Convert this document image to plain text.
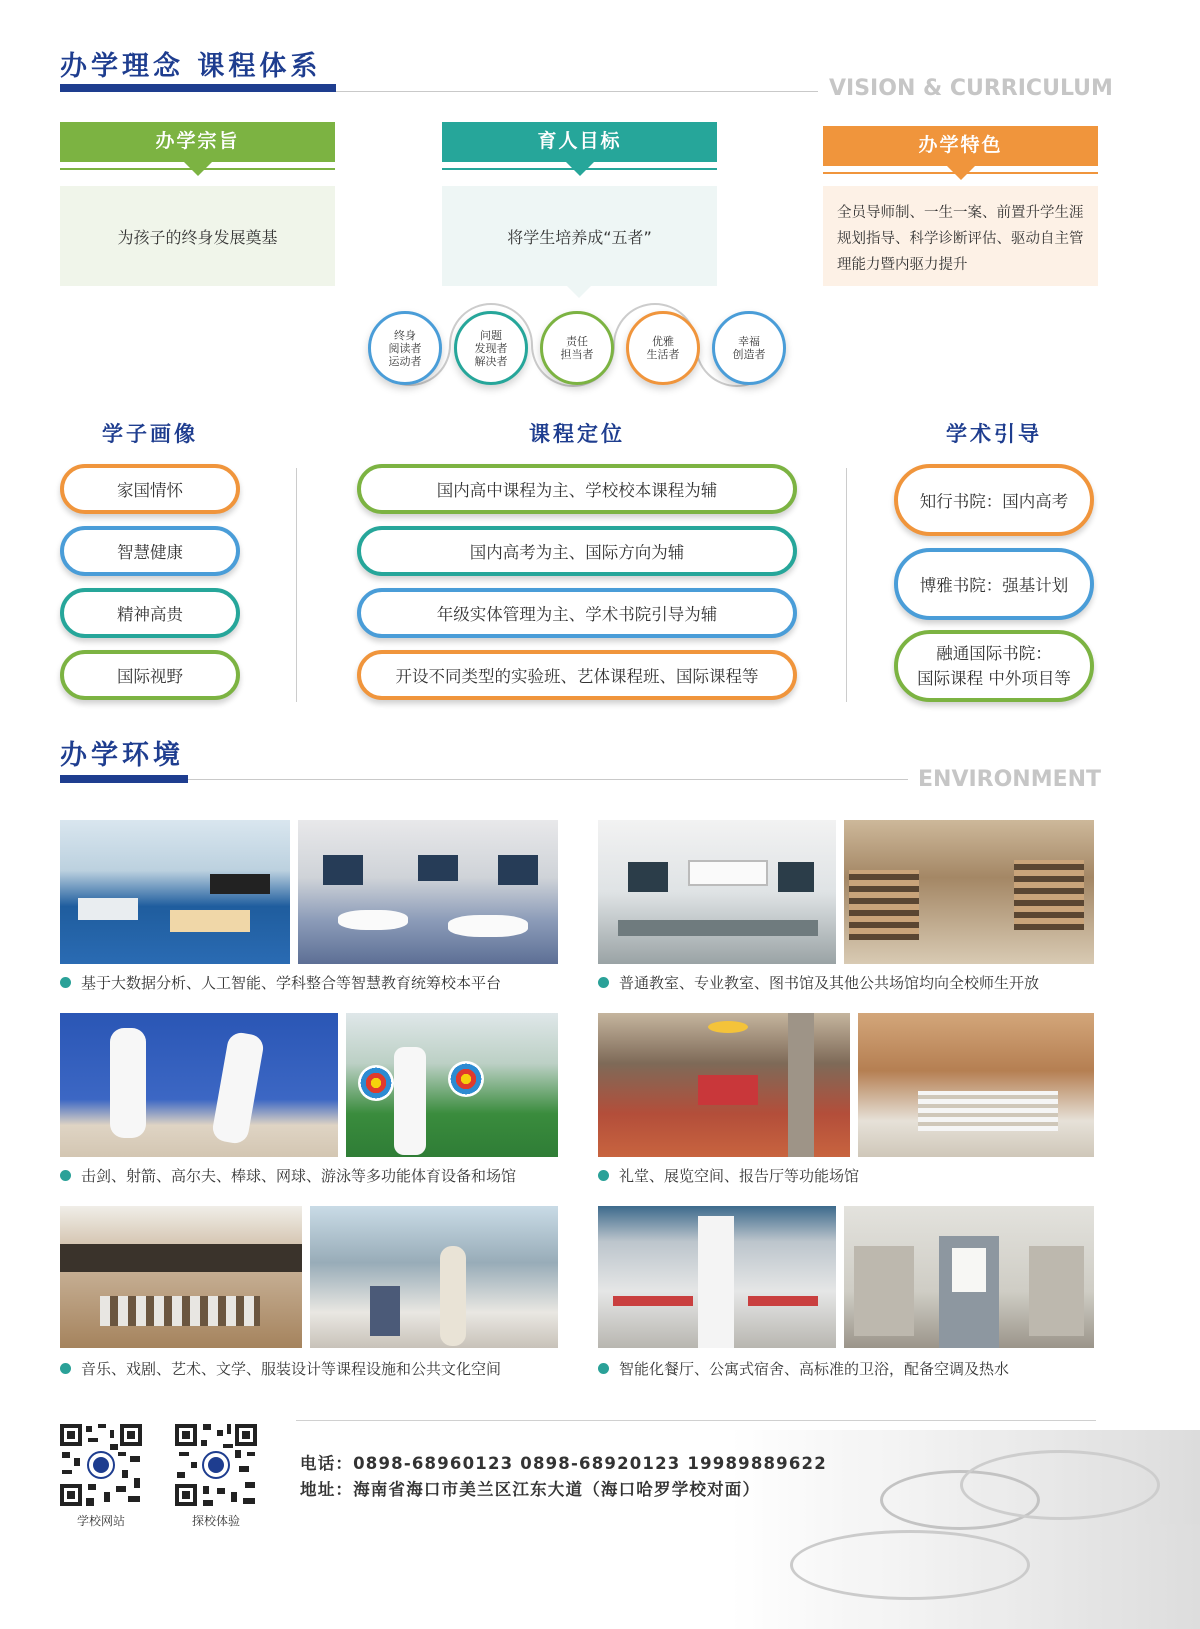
办学理念 课程体系
VISION & CURRICULUM
办学宗旨
为孩子的终身发展奠基
育人目标
将学生培养成“五者”
办学特色
全员导师制、一生一案、前置升学生涯规划指导、科学诊断评估、驱动自主管理能力暨内驱力提升
终身
阅读者
运动者
问题
发现者
解决者
责任
担当者
优雅
生活者
幸福
创造者
学子画像	课程定位	学术引导
家国情怀
智慧健康
精神高贵
国际视野
国内高中课程为主、学校校本课程为辅
国内高考为主、国际方向为辅
年级实体管理为主、学术书院引导为辅
开设不同类型的实验班、艺体课程班、国际课程等
知行书院：国内高考
博雅书院：强基计划
融通国际书院：
国际课程 中外项目等
办学环境
ENVIRONMENT
基于大数据分析、人工智能、学科整合等智慧教育统筹校本平台	普通教室、专业教室、图书馆及其他公共场馆均向全校师生开放
击剑、射箭、高尔夫、棒球、网球、游泳等多功能体育设备和场馆	礼堂、展览空间、报告厅等功能场馆
音乐、戏剧、艺术、文学、服装设计等课程设施和公共文化空间	智能化餐厅、公寓式宿舍、高标准的卫浴，配备空调及热水
学校网站	探校体验
电话：0898-68960123 0898-68920123 19989889622
地址：海南省海口市美兰区江东大道（海口哈罗学校对面）
